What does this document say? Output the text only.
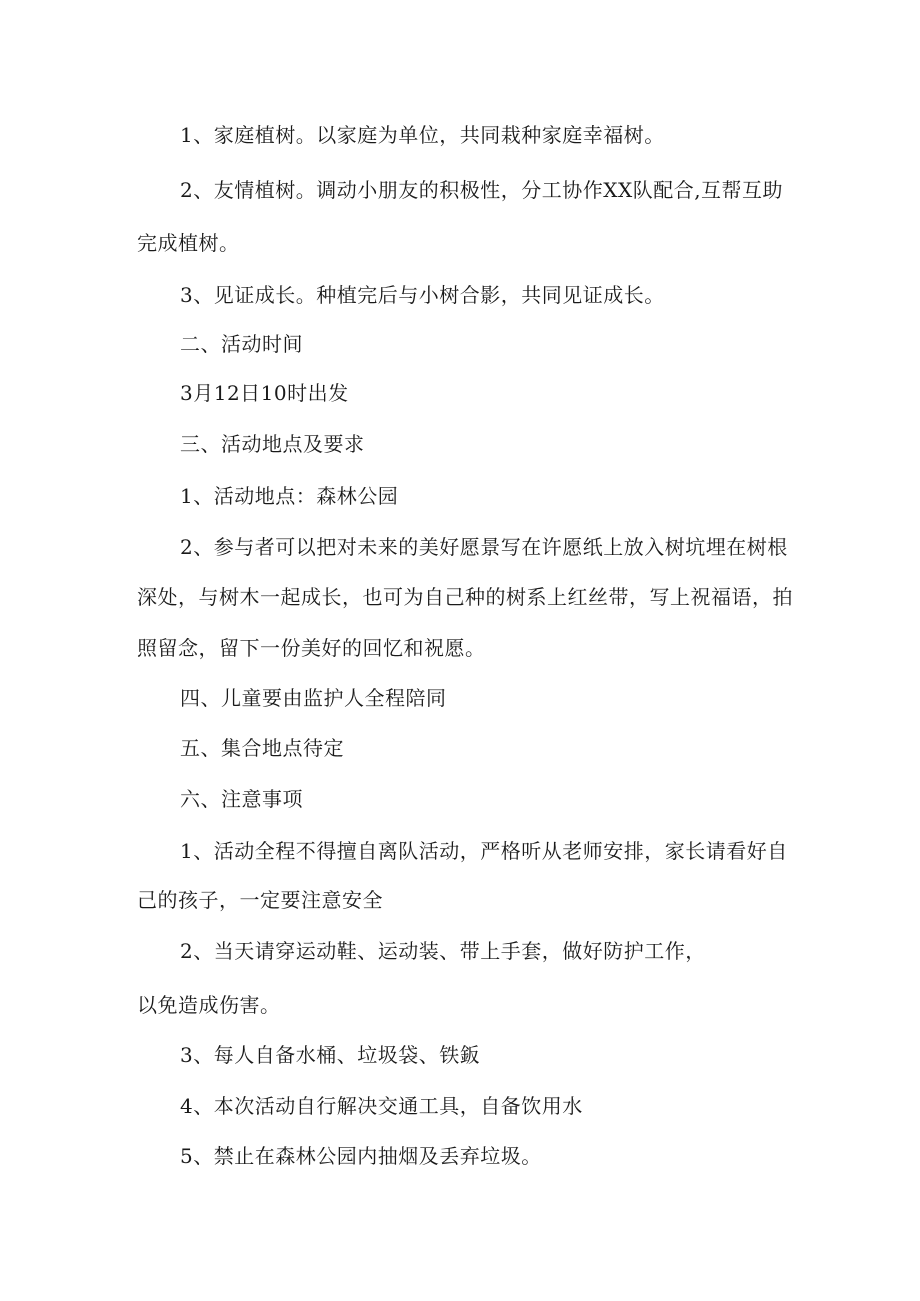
1、家庭植树。以家庭为单位，共同栽种家庭幸福树。
2、友情植树。调动小朋友的积极性，分工协作XX队配合,互帮互助
完成植树。
3、见证成长。种植完后与小树合影，共同见证成长。
二、活动时间
3月12日10时出发
三、活动地点及要求
1、活动地点：森林公园
2、参与者可以把对未来的美好愿景写在许愿纸上放入树坑埋在树根
深处，与树木一起成长，也可为自己种的树系上红丝带，写上祝福语，拍
照留念，留下一份美好的回忆和祝愿。
四、儿童要由监护人全程陪同
五、集合地点待定
六、注意事项
1、活动全程不得擅自离队活动，严格听从老师安排，家长请看好自
己的孩子，一定要注意安全
2、当天请穿运动鞋、运动装、带上手套，做好防护工作，
以免造成伤害。
3、每人自备水桶、垃圾袋、铁鈑
4、本次活动自行解决交通工具，自备饮用水
5、禁止在森林公园内抽烟及丢弃垃圾。
